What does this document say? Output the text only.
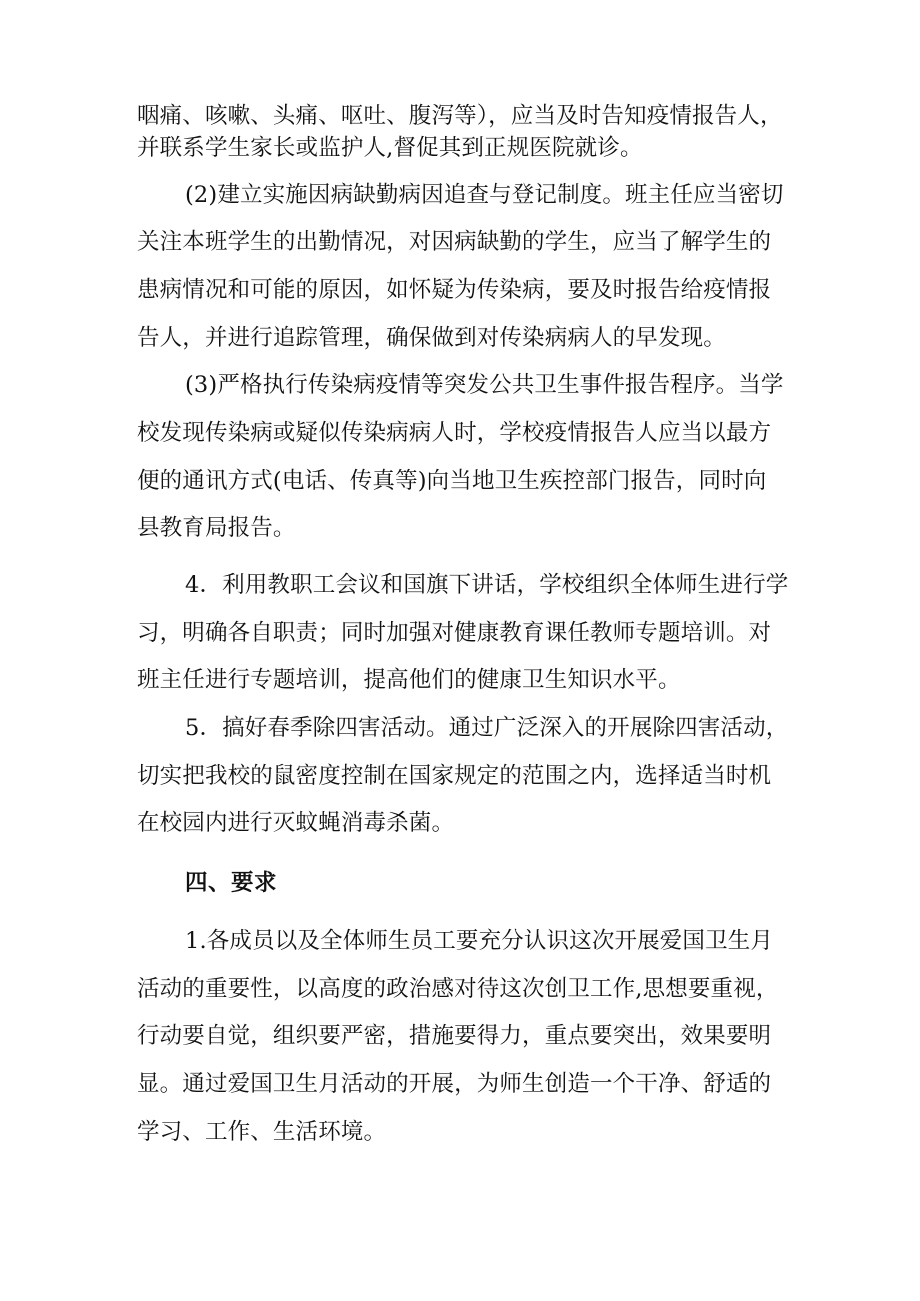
咽痛、咳嗽、头痛、呕吐、腹泻等），应当及时告知疫情报告人，
并联系学生家长或监护人,督促其到正规医院就诊。
(2)建立实施因病缺勤病因追查与登记制度。班主任应当密切
关注本班学生的出勤情况，对因病缺勤的学生，应当了解学生的
患病情况和可能的原因，如怀疑为传染病，要及时报告给疫情报
告人，并进行追踪管理，确保做到对传染病病人的早发现。
(3)严格执行传染病疫情等突发公共卫生事件报告程序。当学
校发现传染病或疑似传染病病人时，学校疫情报告人应当以最方
便的通讯方式(电话、传真等)向当地卫生疾控部门报告，同时向
县教育局报告。
4．利用教职工会议和国旗下讲话，学校组织全体师生进行学
习，明确各自职责；同时加强对健康教育课任教师专题培训。对
班主任进行专题培训，提高他们的健康卫生知识水平。
5．搞好春季除四害活动。通过广泛深入的开展除四害活动，
切实把我校的鼠密度控制在国家规定的范围之内，选择适当时机
在校园内进行灭蚊蝇消毒杀菌。
四、要求
1.各成员以及全体师生员工要充分认识这次开展爱国卫生月
活动的重要性，以高度的政治感对待这次创卫工作,思想要重视，
行动要自觉，组织要严密，措施要得力，重点要突出，效果要明
显。通过爱国卫生月活动的开展，为师生创造一个干净、舒适的
学习、工作、生活环境。
